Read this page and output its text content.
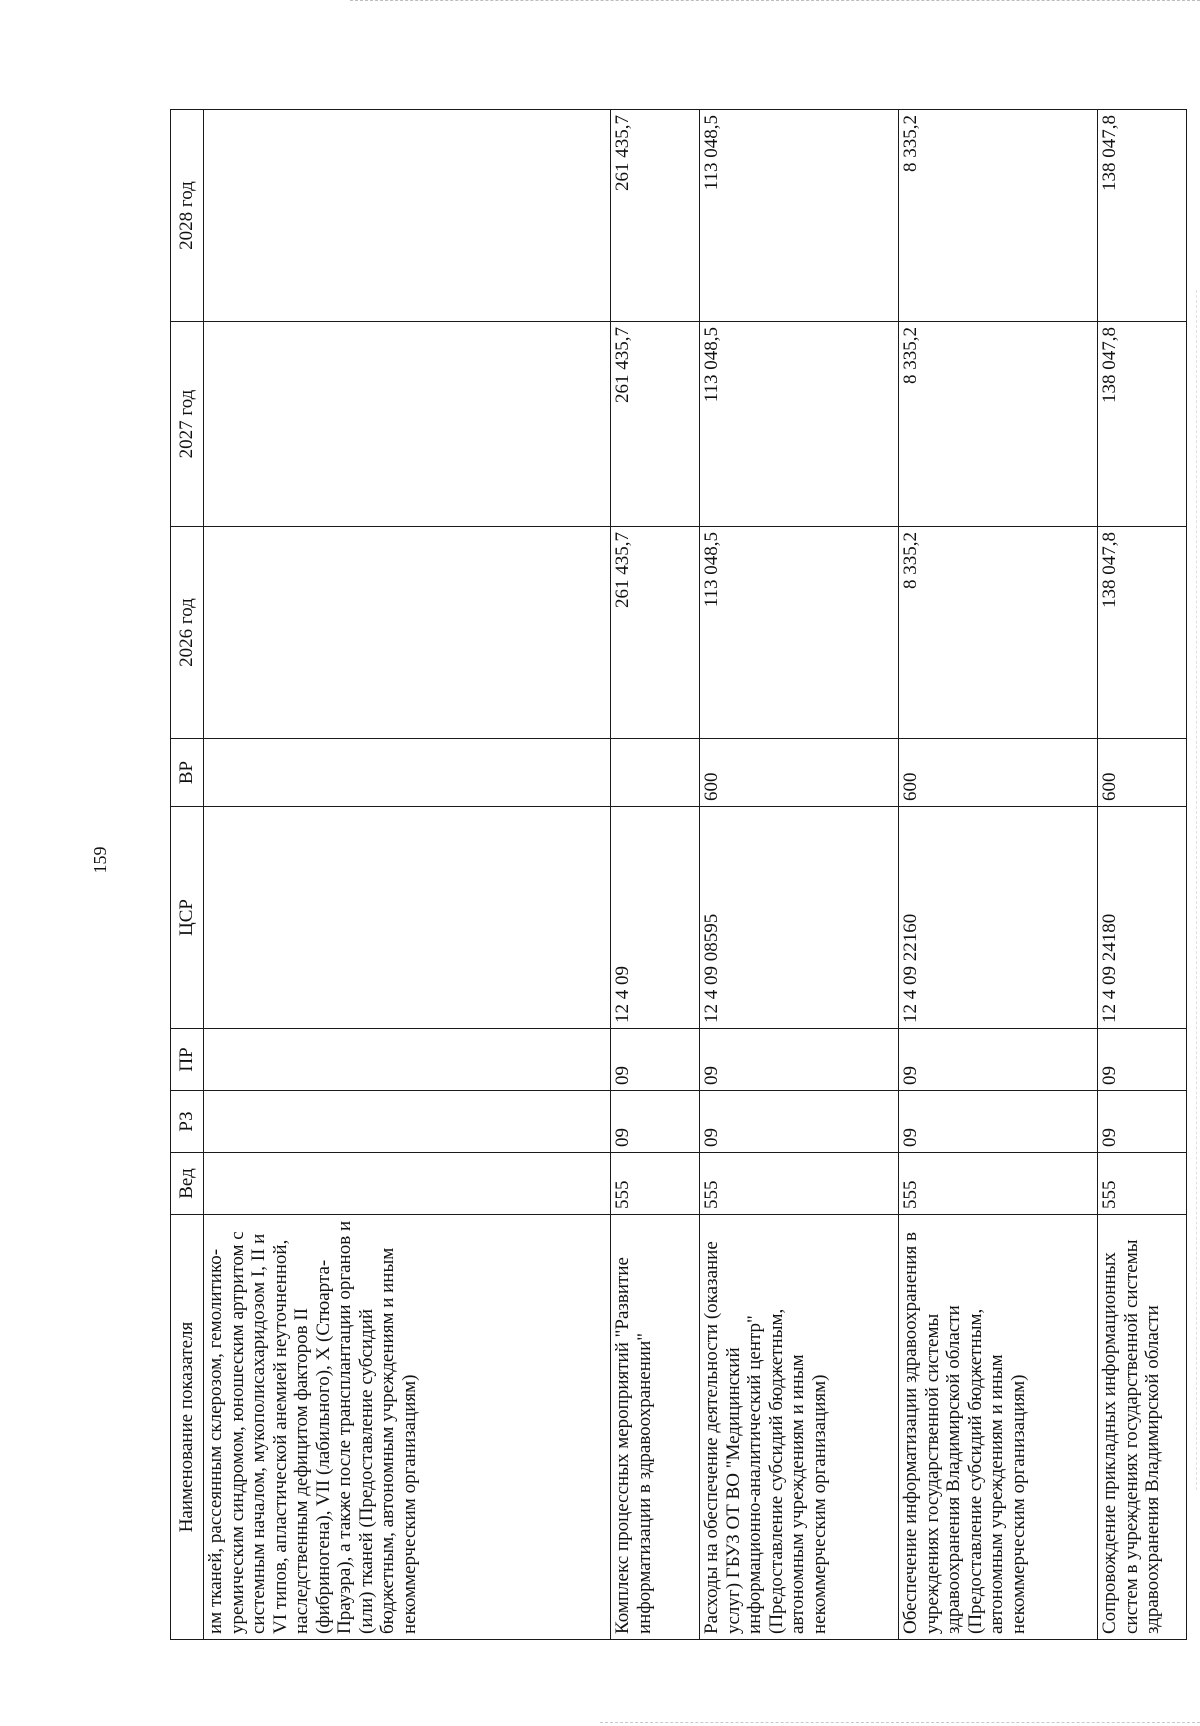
159
Наименование показателя	Вед	РЗ	ПР	ЦСР	ВР	2026 год	2027 год	2028 год
им тканей, рассеянным склерозом, гемолитико-уремическим синдромом, юношеским артритом с системным началом, мукополисахаридозом I, II и VI типов, апластической анемией неуточненной, наследственным дефицитом факторов II (фибриногена), VII (лабильного), X (Стюарта-Прауэра), а также после трансплантации органов и (или) тканей (Предоставление субсидий бюджетным, автономным учреждениям и иным некоммерческим организациям)								
Комплекс процессных мероприятий "Развитие информатизации в здравоохранении"	555	09	09	12 4 09		261 435,7	261 435,7	261 435,7
Расходы на обеспечение деятельности (оказание услуг) ГБУЗ ОТ ВО "Медицинский информационно-аналитический центр" (Предоставление субсидий бюджетным, автономным учреждениям и иным некоммерческим организациям)	555	09	09	12 4 09 08595	600	113 048,5	113 048,5	113 048,5
Обеспечение информатизации здравоохранения в учреждениях государственной системы здравоохранения Владимирской области (Предоставление субсидий бюджетным, автономным учреждениям и иным некоммерческим организациям)	555	09	09	12 4 09 22160	600	8 335,2	8 335,2	8 335,2
Сопровождение прикладных информационных систем в учреждениях государственной системы здравоохранения Владимирской области	555	09	09	12 4 09 24180	600	138 047,8	138 047,8	138 047,8
